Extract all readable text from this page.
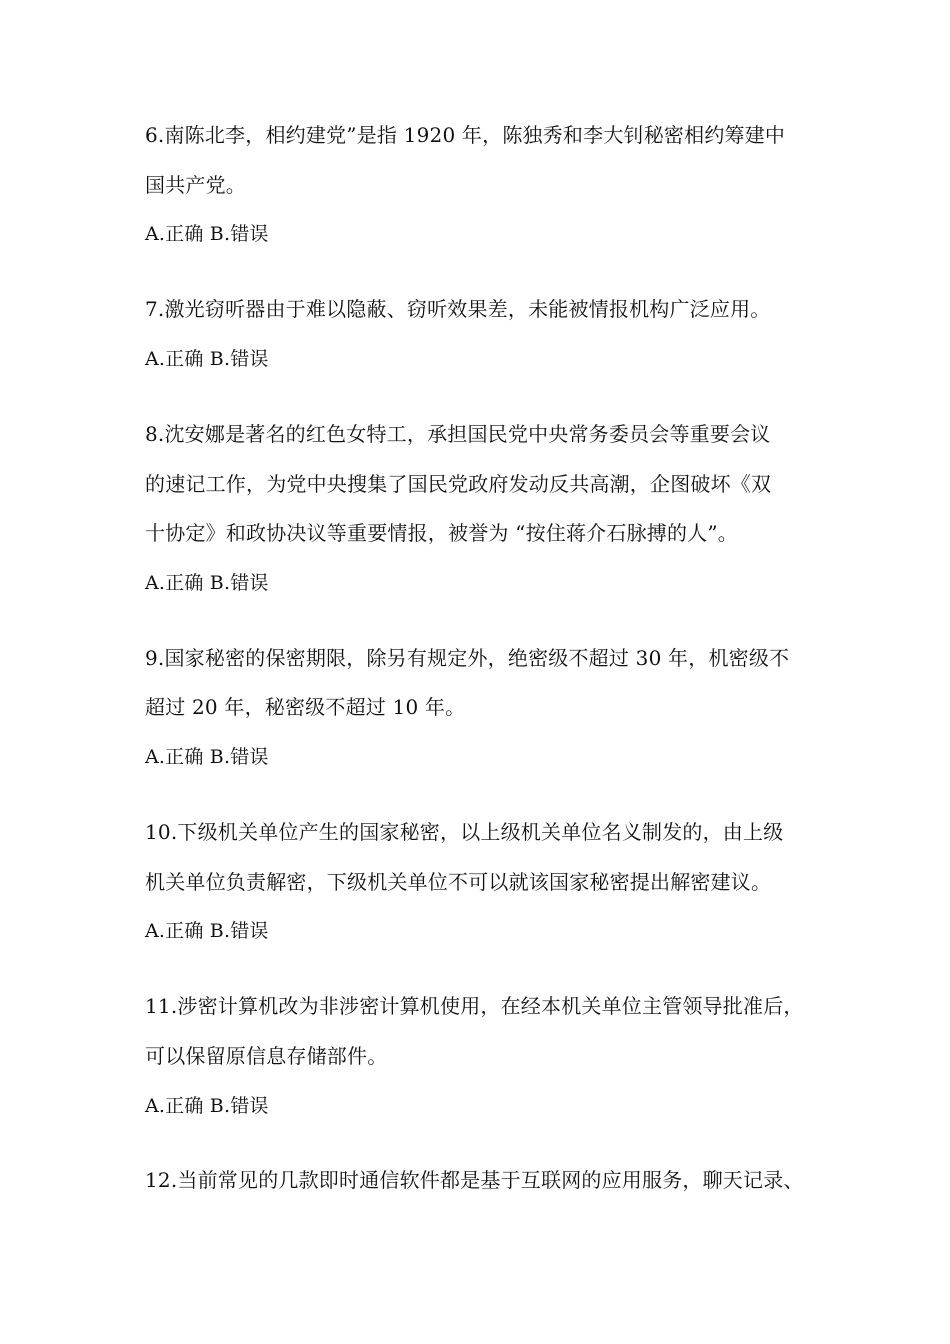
6.南陈北李，相约建党”是指 1920 年，陈独秀和李大钊秘密相约筹建中
国共产党。
A.正确 B.错误
7.激光窃听器由于难以隐蔽、窃听效果差，未能被情报机构广泛应用。
A.正确 B.错误
8.沈安娜是著名的红色女特工，承担国民党中央常务委员会等重要会议
的速记工作，为党中央搜集了国民党政府发动反共高潮，企图破坏《双
十协定》和政协决议等重要情报，被誉为 “按住蒋介石脉搏的人”。
A.正确 B.错误
9.国家秘密的保密期限，除另有规定外，绝密级不超过 30 年，机密级不
超过 20 年，秘密级不超过 10 年。
A.正确 B.错误
10.下级机关单位产生的国家秘密，以上级机关单位名义制发的，由上级
机关单位负责解密，下级机关单位不可以就该国家秘密提出解密建议。
A.正确 B.错误
11.涉密计算机改为非涉密计算机使用，在经本机关单位主管领导批准后，
可以保留原信息存储部件。
A.正确 B.错误
12.当前常见的几款即时通信软件都是基于互联网的应用服务，聊天记录、
